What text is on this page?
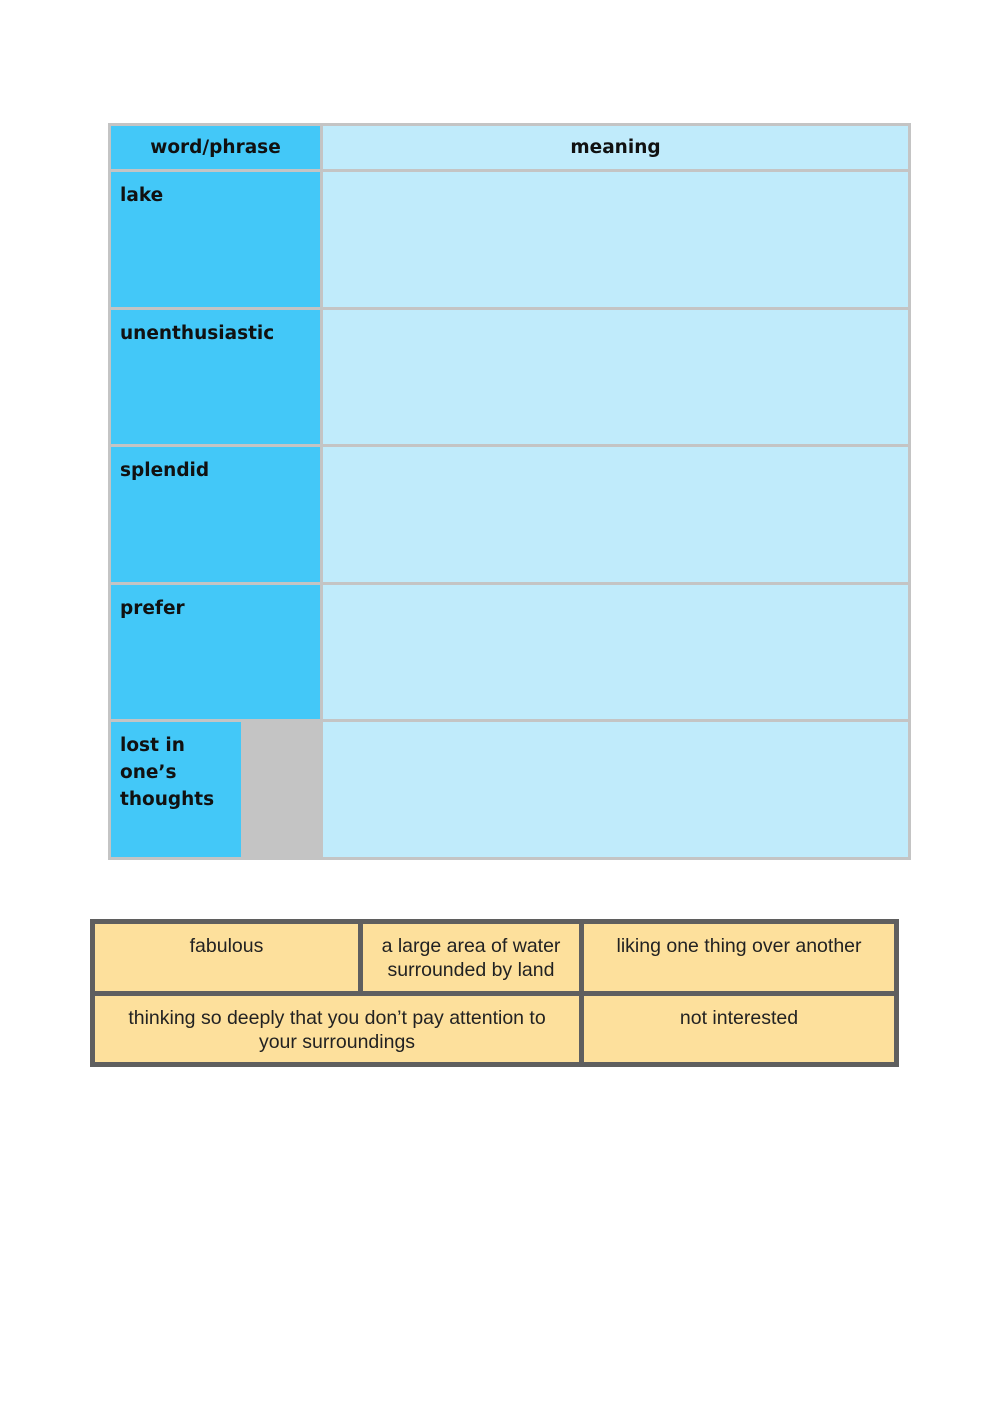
word/phrase	meaning
lake
unenthusiastic
splendid
prefer
lost in one’s thoughts
fabulous	a large area of water surrounded by land
liking one thing over another
thinking so deeply that you don’t pay attention to your surroundings
not interested
